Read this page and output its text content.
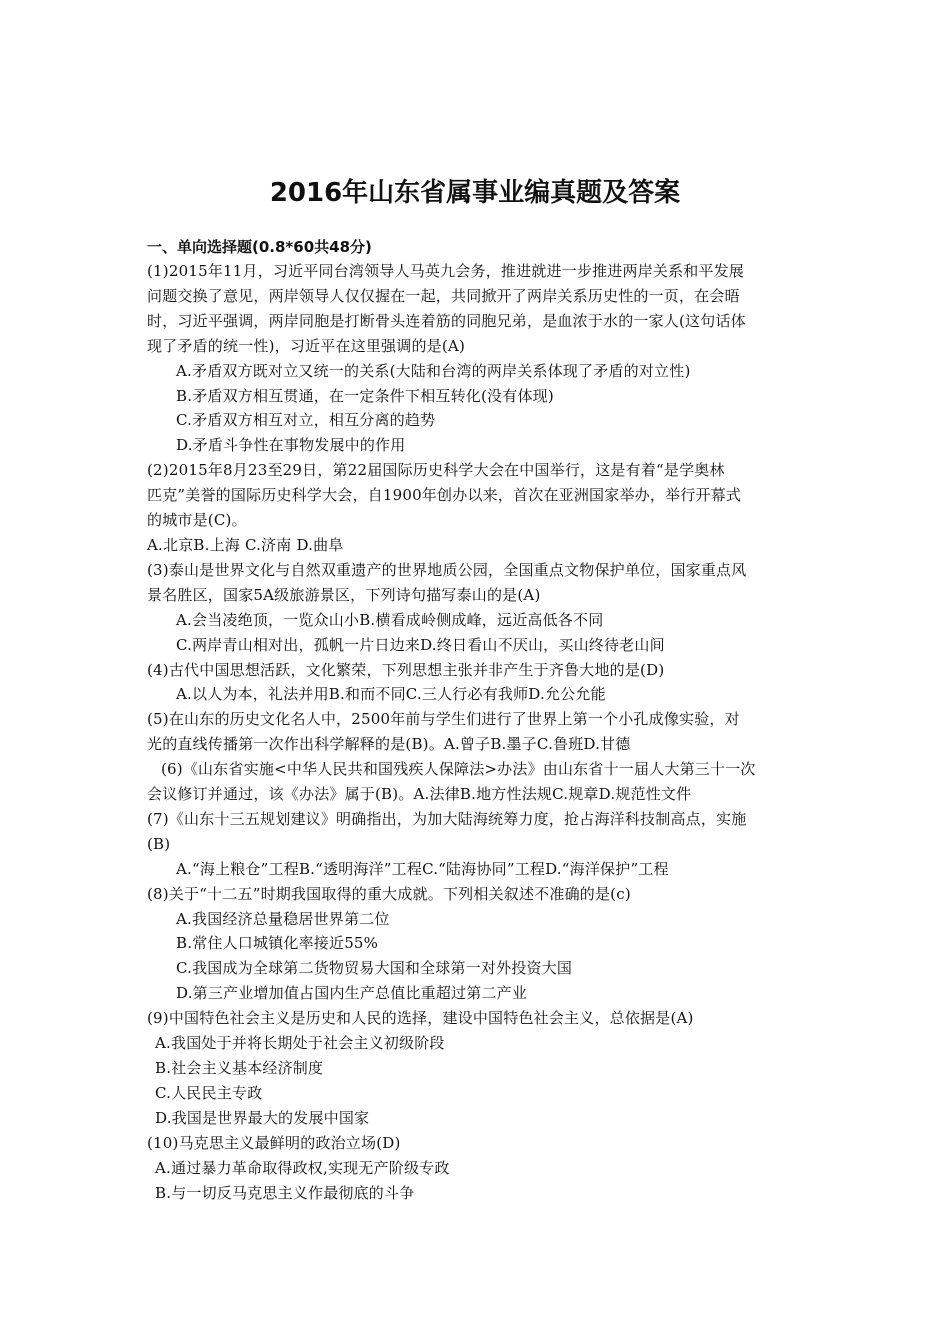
2016年山东省属事业编真题及答案
一、单向选择题(0.8*60共48分)
(1)2015年11月，习近平同台湾领导人马英九会务，推进就进一步推进两岸关系和平发展
问题交换了意见，两岸领导人仅仅握在一起，共同掀开了两岸关系历史性的一页，在会晤
时，习近平强调，两岸同胞是打断骨头连着筋的同胞兄弟，是血浓于水的一家人(这句话体
现了矛盾的统一性)，习近平在这里强调的是(A)
A.矛盾双方既对立又统一的关系(大陆和台湾的两岸关系体现了矛盾的对立性)
B.矛盾双方相互贯通，在一定条件下相互转化(没有体现)
C.矛盾双方相互对立，相互分离的趋势
D.矛盾斗争性在事物发展中的作用
(2)2015年8月23至29日，第22届国际历史科学大会在中国举行，这是有着“是学奥林
匹克”美誉的国际历史科学大会，自1900年创办以来，首次在亚洲国家举办，举行开幕式
的城市是(C)。
A.北京B.上海 C.济南 D.曲阜
(3)泰山是世界文化与自然双重遗产的世界地质公园，全国重点文物保护单位，国家重点风
景名胜区，国家5A级旅游景区，下列诗句描写泰山的是(A)
A.会当凌绝顶，一览众山小B.横看成岭侧成峰，远近高低各不同
C.两岸青山相对出，孤帆一片日边来D.终日看山不厌山，买山终待老山间
(4)古代中国思想活跃，文化繁荣，下列思想主张并非产生于齐鲁大地的是(D)
A.以人为本，礼法并用B.和而不同C.三人行必有我师D.允公允能
(5)在山东的历史文化名人中，2500年前与学生们进行了世界上第一个小孔成像实验，对
光的直线传播第一次作出科学解释的是(B)。A.曾子B.墨子C.鲁班D.甘德
(6)《山东省实施<中华人民共和国残疾人保障法>办法》由山东省十一届人大第三十一次
会议修订并通过，该《办法》属于(B)。A.法律B.地方性法规C.规章D.规范性文件
(7)《山东十三五规划建议》明确指出，为加大陆海统筹力度，抢占海洋科技制高点，实施
(B)
A.“海上粮仓”工程B.“透明海洋”工程C.“陆海协同”工程D.“海洋保护”工程
(8)关于“十二五”时期我国取得的重大成就。下列相关叙述不准确的是(c)
A.我国经济总量稳居世界第二位
B.常住人口城镇化率接近55%
C.我国成为全球第二货物贸易大国和全球第一对外投资大国
D.第三产业增加值占国内生产总值比重超过第二产业
(9)中国特色社会主义是历史和人民的选择，建设中国特色社会主义，总依据是(A)
A.我国处于并将长期处于社会主义初级阶段
B.社会主义基本经济制度
C.人民民主专政
D.我国是世界最大的发展中国家
(10)马克思主义最鲜明的政治立场(D)
A.通过暴力革命取得政权,实现无产阶级专政
B.与一切反马克思主义作最彻底的斗争
